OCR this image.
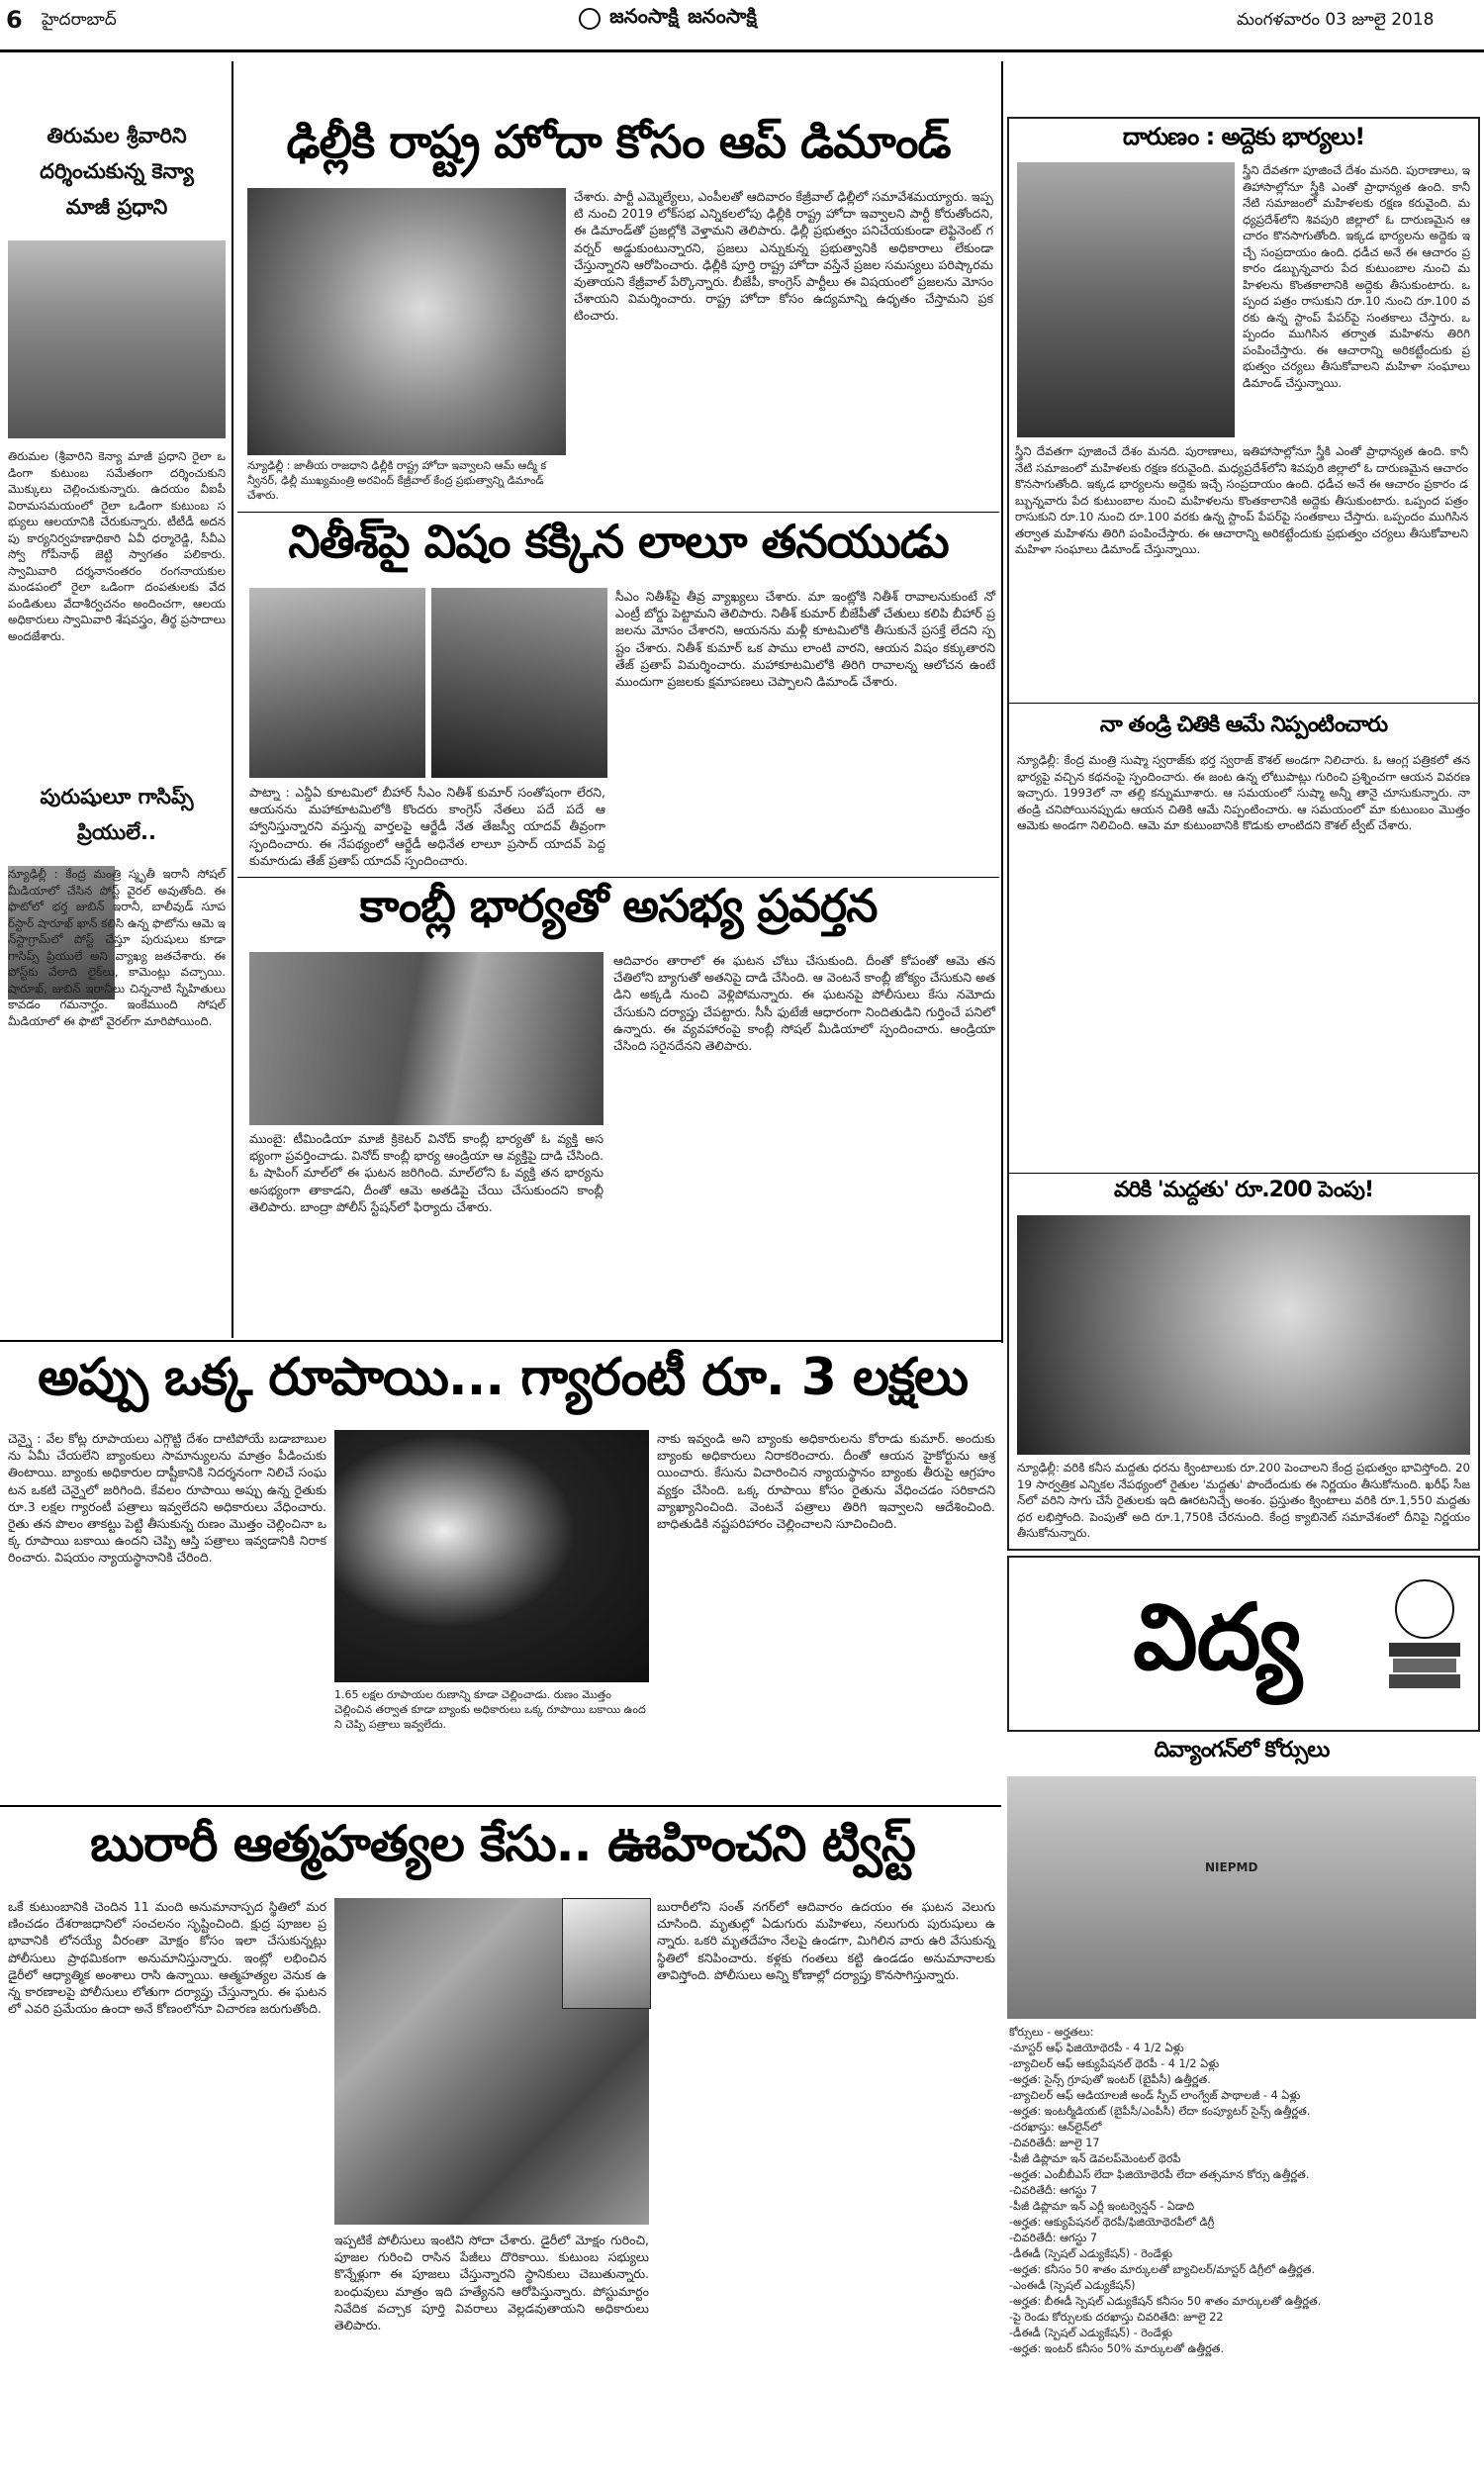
6 హైదరాబాద్	జనంసాక్షి జనంసాక్షి	మంగళవారం 03 జూలై 2018
తిరుమల శ్రీవారిని
దర్శించుకున్న కెన్యా
మాజీ ప్రధాని
తిరుమల (శ్రీవారిని కెన్యా మాజీ ప్రధాని రైలా ఒడింగా కుటుంబ సమేతంగా దర్శించుకుని మొక్కులు చెల్లించుకున్నారు. ఉదయం వీఐపీ విరామసమయంలో రైలా ఒడింగా కుటుంబ సభ్యులు ఆలయానికి చేరుకున్నారు. టీటీడీ అదనపు కార్యనిర్వహణాధికారి ఏవీ ధర్మారెడ్డి, సీవీఎస్వో గోపీనాథ్ జెట్టి స్వాగతం పలికారు. స్వామివారి దర్శనానంతరం రంగనాయకుల మండపంలో రైలా ఒడింగా దంపతులకు వేదపండితులు వేదాశీర్వచనం అందించగా, ఆలయ అధికారులు స్వామివారి శేషవస్త్రం, తీర్థ ప్రసాదాలు అందజేశారు.
పురుషులూ గాసిప్స్
ప్రియులే..
న్యూఢిల్లీ : కేంద్ర మంత్రి స్మృతీ ఇరానీ సోషల్ మీడియాలో చేసిన పోస్ట్ వైరల్ అవుతోంది. ఈ ఫొటోలో భర్త జుబిన్ ఇరానీ, బాలీవుడ్ సూపర్‌స్టార్ షారూఖ్ ఖాన్ కలిసి ఉన్న ఫొటోను ఆమె ఇన్‌స్టాగ్రామ్‌లో పోస్ట్ చేస్తూ పురుషులు కూడా గాసిప్స్ ప్రియులే అని వ్యాఖ్య జతచేశారు. ఈ పోస్ట్‌కు వేలాది లైక్‌లు, కామెంట్లు వచ్చాయి. షారూఖ్, జుబిన్ ఇరానీలు చిన్ననాటి స్నేహితులు కావడం గమనార్హం. ఇంకేముంది సోషల్ మీడియాలో ఈ ఫొటో వైరల్‌గా మారిపోయింది.
ఢిల్లీకి రాష్ట్ర హోదా కోసం ఆప్ డిమాండ్
న్యూఢిల్లీ : జాతీయ రాజధాని ఢిల్లీకి రాష్ట్ర హోదా ఇవ్వాలని ఆమ్ ఆద్మీ కన్వీనర్, ఢిల్లీ ముఖ్యమంత్రి అరవింద్ కేజ్రీవాల్ కేంద్ర ప్రభుత్వాన్ని డిమాండ్ చేశారు.
చేశారు. పార్టీ ఎమ్మెల్యేలు, ఎంపీలతో ఆదివారం కేజ్రీవాల్ ఢిల్లీలో సమావేశమయ్యారు. ఇప్పటి నుంచి 2019 లోక్‌సభ ఎన్నికలలోపు ఢిల్లీకి రాష్ట్ర హోదా ఇవ్వాలని పార్టీ కోరుతోందని, ఈ డిమాండ్‌తో ప్రజల్లోకి వెళ్తామని తెలిపారు. ఢిల్లీ ప్రభుత్వం పనిచేయకుండా లెఫ్టినెంట్ గవర్నర్ అడ్డుకుంటున్నారని, ప్రజలు ఎన్నుకున్న ప్రభుత్వానికి అధికారాలు లేకుండా చేస్తున్నారని ఆరోపించారు. ఢిల్లీకి పూర్తి రాష్ట్ర హోదా వస్తేనే ప్రజల సమస్యలు పరిష్కారమవుతాయని కేజ్రీవాల్ పేర్కొన్నారు. బీజేపీ, కాంగ్రెస్ పార్టీలు ఈ విషయంలో ప్రజలను మోసం చేశాయని విమర్శించారు. రాష్ట్ర హోదా కోసం ఉద్యమాన్ని ఉధృతం చేస్తామని ప్రకటించారు.
నితీశ్‌పై విషం కక్కిన లాలూ తనయుడు
పాట్నా : ఎన్డీఏ కూటమిలో బీహార్ సీఎం నితీశ్ కుమార్ సంతోషంగా లేరని, ఆయనను మహాకూటమిలోకి కొందరు కాంగ్రెస్ నేతలు పదే పదే ఆహ్వానిస్తున్నారని వస్తున్న వార్తలపై ఆర్జేడీ నేత తేజస్వీ యాదవ్ తీవ్రంగా స్పందించారు. ఈ నేపథ్యంలో ఆర్జేడీ అధినేత లాలూ ప్రసాద్ యాదవ్ పెద్ద కుమారుడు తేజ్ ప్రతాప్ యాదవ్ స్పందించారు.
సీఎం నితీశ్‌పై తీవ్ర వ్యాఖ్యలు చేశారు. మా ఇంట్లోకి నితీశ్ రావాలనుకుంటే నో ఎంట్రీ బోర్డు పెట్టామని తెలిపారు. నితీశ్ కుమార్ బీజేపీతో చేతులు కలిపి బీహార్ ప్రజలను మోసం చేశారని, ఆయనను మళ్లీ కూటమిలోకి తీసుకునే ప్రసక్తే లేదని స్పష్టం చేశారు. నితీశ్‌ కుమార్ ఒక పాము లాంటి వారని, ఆయన విషం కక్కుతారని తేజ్ ప్రతాప్ విమర్శించారు. మహాకూటమిలోకి తిరిగి రావాలన్న ఆలోచన ఉంటే ముందుగా ప్రజలకు క్షమాపణలు చెప్పాలని డిమాండ్ చేశారు.
కాంబ్లీ భార్యతో అసభ్య ప్రవర్తన
ముంబై: టీమిండియా మాజీ క్రికెటర్ వినోద్ కాంబ్లీ భార్యతో ఓ వ్యక్తి అసభ్యంగా ప్రవర్తించాడు. వినోద్ కాంబ్లీ భార్య ఆండ్రియా ఆ వ్యక్తిపై దాడి చేసింది. ఓ షాపింగ్ మాల్‌లో ఈ ఘటన జరిగింది. మాల్‌లోని ఓ వ్యక్తి తన భార్యను అసభ్యంగా తాకాడని, దీంతో ఆమె అతడిపై చేయి చేసుకుందని కాంబ్లీ తెలిపారు. బాంద్రా పోలీస్ స్టేషన్‌లో ఫిర్యాదు చేశారు.
ఆదివారం తారాలో ఈ ఘటన చోటు చేసుకుంది. దీంతో కోపంతో ఆమె తన చేతిలోని బ్యాగుతో అతనిపై దాడి చేసింది. ఆ వెంటనే కాంబ్లీ జోక్యం చేసుకుని అతడిని అక్కడి నుంచి వెళ్లిపోమన్నారు. ఈ ఘటనపై పోలీసులు కేసు నమోదు చేసుకుని దర్యాప్తు చేపట్టారు. సీసీ ఫుటేజీ ఆధారంగా నిందితుడిని గుర్తించే పనిలో ఉన్నారు. ఈ వ్యవహారంపై కాంబ్లీ సోషల్ మీడియాలో స్పందించారు. ఆండ్రియా చేసింది సరైనదేనని తెలిపారు.
దారుణం : అద్దెకు భార్యలు!
స్త్రీని దేవతగా పూజించే దేశం మనది. పురాణాలు, ఇతిహాసాల్లోనూ స్త్రీకి ఎంతో ప్రాధాన్యత ఉంది. కానీ నేటి సమాజంలో మహిళలకు రక్షణ కరువైంది. మధ్యప్రదేశ్‌లోని శివపురి జిల్లాలో ఓ దారుణమైన ఆచారం కొనసాగుతోంది. ఇక్కడ భార్యలను అద్దెకు ఇచ్చే సంప్రదాయం ఉంది. ధడీచ అనే ఈ ఆచారం ప్రకారం డబ్బున్నవారు పేద కుటుంబాల నుంచి మహిళలను కొంతకాలానికి అద్దెకు తీసుకుంటారు. ఒప్పంద పత్రం రాసుకుని రూ.10 నుంచి రూ.100 వరకు ఉన్న స్టాంప్ పేపర్‌పై సంతకాలు చేస్తారు. ఒప్పందం ముగిసిన తర్వాత మహిళను తిరిగి పంపించేస్తారు. ఈ ఆచారాన్ని అరికట్టేందుకు ప్రభుత్వం చర్యలు తీసుకోవాలని మహిళా సంఘాలు డిమాండ్ చేస్తున్నాయి.
నా తండ్రి చితికి ఆమే నిప్పంటించారు
న్యూఢిల్లీ: కేంద్ర మంత్రి సుష్మా స్వరాజ్‌కు భర్త స్వరాజ్ కౌశల్ అండగా నిలిచారు. ఓ ఆంగ్ల పత్రికలో తన భార్యపై వచ్చిన కథనంపై స్పందించారు. ఈ జంట ఉన్న లోటుపాట్లు గురించి ప్రశ్నించగా ఆయన వివరణ ఇచ్చారు. 1993లో నా తల్లి కన్నుమూశారు. ఆ సమయంలో సుష్మా అన్నీ తానై చూసుకున్నారు. నా తండ్రి చనిపోయినప్పుడు ఆయన చితికి ఆమే నిప్పంటించారు. ఆ సమయంలో మా కుటుంబం మొత్తం ఆమెకు అండగా నిలిచింది. ఆమె మా కుటుంబానికి కొడుకు లాంటిదని కౌశల్ ట్వీట్ చేశారు.
వరికి 'మద్దతు' రూ.200 పెంపు!
న్యూఢిల్లీ: వరికి కనీస మద్దతు ధరను క్వింటాలుకు రూ.200 పెంచాలని కేంద్ర ప్రభుత్వం భావిస్తోంది. 2019 సార్వత్రిక ఎన్నికల నేపథ్యంలో రైతుల 'మద్దతు' పొందేందుకు ఈ నిర్ణయం తీసుకోనుంది. ఖరీఫ్ సీజన్‌లో వరిని సాగు చేసే రైతులకు ఇది ఊరటనిచ్చే అంశం. ప్రస్తుతం క్వింటాలు వరికి రూ.1,550 మద్దతు ధర లభిస్తోంది. పెంపుతో అది రూ.1,750కి చేరనుంది. కేంద్ర క్యాబినెట్ సమావేశంలో దీనిపై నిర్ణయం తీసుకోనున్నారు.
స్త్రీని దేవతగా పూజించే దేశం మనది. పురాణాలు, ఇతిహాసాల్లోనూ స్త్రీకి ఎంతో ప్రాధాన్యత ఉంది. కానీ నేటి సమాజంలో మహిళలకు రక్షణ కరువైంది. మధ్యప్రదేశ్‌లోని శివపురి జిల్లాలో ఓ దారుణమైన ఆచారం కొనసాగుతోంది. ఇక్కడ భార్యలను అద్దెకు ఇచ్చే సంప్రదాయం ఉంది. ధడీచ అనే ఈ ఆచారం ప్రకారం డబ్బున్నవారు పేద కుటుంబాల నుంచి మహిళలను కొంతకాలానికి అద్దెకు తీసుకుంటారు. ఒప్పంద పత్రం రాసుకుని రూ.10 నుంచి రూ.100 వరకు ఉన్న స్టాంప్ పేపర్‌పై సంతకాలు చేస్తారు. ఒప్పందం ముగిసిన తర్వాత మహిళను తిరిగి పంపించేస్తారు. ఈ ఆచారాన్ని అరికట్టేందుకు ప్రభుత్వం చర్యలు తీసుకోవాలని మహిళా సంఘాలు డిమాండ్ చేస్తున్నాయి.
అప్పు ఒక్క రూపాయి... గ్యారంటీ రూ. 3 లక్షలు
చెన్నై : వేల కోట్ల రూపాయలు ఎగ్గొట్టి దేశం దాటిపోయే బడాబాబులను ఏమీ చేయలేని బ్యాంకులు సామాన్యులను మాత్రం పీడించుకు తింటాయి. బ్యాంకు అధికారుల దాష్టీకానికి నిదర్శనంగా నిలిచే సంఘటన ఒకటి చెన్నైలో జరిగింది. కేవలం రూపాయి అప్పు ఉన్న రైతుకు రూ.3 లక్షల గ్యారంటీ పత్రాలు ఇవ్వలేదని అధికారులు వేధించారు. రైతు తన పొలం తాకట్టు పెట్టి తీసుకున్న రుణం మొత్తం చెల్లించినా ఒక్క రూపాయి బకాయి ఉందని చెప్పి ఆస్తి పత్రాలు ఇవ్వడానికి నిరాకరించారు. విషయం న్యాయస్థానానికి చేరింది.
1.65 లక్షల రూపాయల రుణాన్ని కూడా చెల్లించాడు. రుణం మొత్తం చెల్లించిన తర్వాత కూడా బ్యాంకు అధికారులు ఒక్క రూపాయి బకాయి ఉందని చెప్పి పత్రాలు ఇవ్వలేదు.
నాకు ఇవ్వండి అని బ్యాంకు అధికారులను కోరాడు కుమార్. అందుకు బ్యాంకు అధికారులు నిరాకరించారు. దీంతో ఆయన హైకోర్టును ఆశ్రయించారు. కేసును విచారించిన న్యాయస్థానం బ్యాంకు తీరుపై ఆగ్రహం వ్యక్తం చేసింది. ఒక్క రూపాయి కోసం రైతును వేధించడం సరికాదని వ్యాఖ్యానించింది. వెంటనే పత్రాలు తిరిగి ఇవ్వాలని ఆదేశించింది. బాధితుడికి నష్టపరిహారం చెల్లించాలని సూచించింది.
బురారీ ఆత్మహత్యల కేసు.. ఊహించని ట్విస్ట్
ఒకే కుటుంబానికి చెందిన 11 మంది అనుమానాస్పద స్థితిలో మరణించడం దేశరాజధానిలో సంచలనం సృష్టించింది. క్షుద్ర పూజల ప్రభావానికి లోనయ్యే వీరంతా మోక్షం కోసం ఇలా చేసుకున్నట్లు పోలీసులు ప్రాథమికంగా అనుమానిస్తున్నారు. ఇంట్లో లభించిన డైరీలో ఆధ్యాత్మిక అంశాలు రాసి ఉన్నాయి. ఆత్మహత్యల వెనుక ఉన్న కారణాలపై పోలీసులు లోతుగా దర్యాప్తు చేస్తున్నారు. ఈ ఘటనలో ఎవరి ప్రమేయం ఉందా అనే కోణంలోనూ విచారణ జరుగుతోంది.
ఇప్పటికే పోలీసులు ఇంటిని సోదా చేశారు. డైరీలో మోక్షం గురించి, పూజల గురించి రాసిన పేజీలు దొరికాయి. కుటుంబ సభ్యులు కొన్నేళ్లుగా ఈ పూజలు చేస్తున్నారని స్థానికులు చెబుతున్నారు. బంధువులు మాత్రం ఇది హత్యేనని ఆరోపిస్తున్నారు. పోస్టుమార్టం నివేదిక వచ్చాక పూర్తి వివరాలు వెల్లడవుతాయని అధికారులు తెలిపారు.
బురారీలోని సంత్ నగర్‌లో ఆదివారం ఉదయం ఈ ఘటన వెలుగు చూసింది. మృతుల్లో ఏడుగురు మహిళలు, నలుగురు పురుషులు ఉన్నారు. ఒకరి మృతదేహం నేలపై ఉండగా, మిగిలిన వారు ఉరి వేసుకున్న స్థితిలో కనిపించారు. కళ్లకు గంతలు కట్టి ఉండడం అనుమానాలకు తావిస్తోంది. పోలీసులు అన్ని కోణాల్లో దర్యాప్తు కొనసాగిస్తున్నారు.
విద్య
దివ్యాంగన్‌లో కోర్సులు
NIEPMD
కోర్సులు - అర్హతలు:
-మాస్టర్ ఆఫ్ ఫిజియోథెరపీ - 4 1/2 ఏళ్లు
-బ్యాచిలర్ ఆఫ్ ఆక్యుపేషనల్ థెరపీ - 4 1/2 ఏళ్లు
-అర్హత: సైన్స్ గ్రూపుతో ఇంటర్ (బైపీసీ) ఉత్తీర్ణత.
-బ్యాచిలర్ ఆఫ్ ఆడియాలజీ అండ్ స్పీచ్ లాంగ్వేజ్ పాథాలజీ - 4 ఏళ్లు
-అర్హత: ఇంటర్మీడియట్ (బైపీసీ/ఎంపీసీ) లేదా కంప్యూటర్ సైన్స్ ఉత్తీర్ణత.
-దరఖాస్తు: ఆన్‌లైన్‌లో
-చివరితేదీ: జూలై 17
-పీజీ డిప్లొమా ఇన్ డెవలప్‌మెంటల్ థెరపీ
-అర్హత: ఎంబీబీఎస్ లేదా ఫిజియోథెరపీ లేదా తత్సమాన కోర్సు ఉత్తీర్ణత.
-చివరితేదీ: ఆగస్టు 7
-పీజీ డిప్లొమా ఇన్ ఎర్లీ ఇంటర్వెన్షన్ - ఏడాది
-అర్హత: ఆక్యుపేషనల్ థెరపీ/ఫిజియోథెరపీలో డిగ్రీ
-చివరితేదీ: ఆగస్టు 7
-డీఈడీ (స్పెషల్ ఎడ్యుకేషన్) - రెండేళ్లు
-అర్హత: కనీసం 50 శాతం మార్కులతో బ్యాచిలర్/మాస్టర్ డిగ్రీలో ఉత్తీర్ణత.
-ఎంఈడీ (స్పెషల్ ఎడ్యుకేషన్)
-అర్హత: బీఈడీ స్పెషల్ ఎడ్యుకేషన్ కనీసం 50 శాతం మార్కులతో ఉత్తీర్ణత.
-పై రెండు కోర్సులకు దరఖాస్తు చివరితేది: జూలై 22
-డీఈడీ (స్పెషల్ ఎడ్యుకేషన్) - రెండేళ్లు
-అర్హత: ఇంటర్ కనీసం 50% మార్కులతో ఉత్తీర్ణత.
